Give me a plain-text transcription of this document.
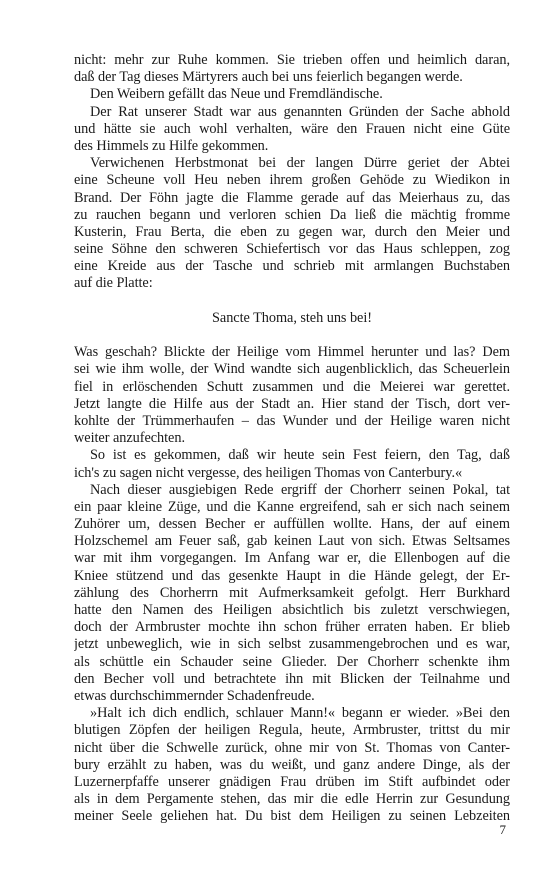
nicht: mehr zur Ruhe kommen. Sie trieben offen und heimlich daran,
daß der Tag dieses Märtyrers auch bei uns feierlich begangen werde.
Den Weibern gefällt das Neue und Fremdländische.
Der Rat unserer Stadt war aus genannten Gründen der Sache abhold
und hätte sie auch wohl verhalten, wäre den Frauen nicht eine Güte
des Himmels zu Hilfe gekommen.
Verwichenen Herbstmonat bei der langen Dürre geriet der Abtei
eine Scheune voll Heu neben ihrem großen Gehöde zu Wiedikon in
Brand. Der Föhn jagte die Flamme gerade auf das Meierhaus zu, das
zu rauchen begann und verloren schien Da ließ die mächtig fromme
Kusterin, Frau Berta, die eben zu gegen war, durch den Meier und
seine Söhne den schweren Schiefertisch vor das Haus schleppen, zog
eine Kreide aus der Tasche und schrieb mit armlangen Buchstaben
auf die Platte:
Sancte Thoma, steh uns bei!
Was geschah? Blickte der Heilige vom Himmel herunter und las? Dem
sei wie ihm wolle, der Wind wandte sich augenblicklich, das Scheuerlein
fiel in erlöschenden Schutt zusammen und die Meierei war gerettet.
Jetzt langte die Hilfe aus der Stadt an. Hier stand der Tisch, dort ver-
kohlte der Trümmerhaufen – das Wunder und der Heilige waren nicht
weiter anzufechten.
So ist es gekommen, daß wir heute sein Fest feiern, den Tag, daß
ich's zu sagen nicht vergesse, des heiligen Thomas von Canterbury.«
Nach dieser ausgiebigen Rede ergriff der Chorherr seinen Pokal, tat
ein paar kleine Züge, und die Kanne ergreifend, sah er sich nach seinem
Zuhörer um, dessen Becher er auffüllen wollte. Hans, der auf einem
Holzschemel am Feuer saß, gab keinen Laut von sich. Etwas Seltsames
war mit ihm vorgegangen. Im Anfang war er, die Ellenbogen auf die
Kniee stützend und das gesenkte Haupt in die Hände gelegt, der Er-
zählung des Chorherrn mit Aufmerksamkeit gefolgt. Herr Burkhard
hatte den Namen des Heiligen absichtlich bis zuletzt verschwiegen,
doch der Armbruster mochte ihn schon früher erraten haben. Er blieb
jetzt unbeweglich, wie in sich selbst zusammengebrochen und es war,
als schüttle ein Schauder seine Glieder. Der Chorherr schenkte ihm
den Becher voll und betrachtete ihn mit Blicken der Teilnahme und
etwas durchschimmernder Schadenfreude.
»Halt ich dich endlich, schlauer Mann!« begann er wieder. »Bei den
blutigen Zöpfen der heiligen Regula, heute, Armbruster, trittst du mir
nicht über die Schwelle zurück, ohne mir von St. Thomas von Canter-
bury erzählt zu haben, was du weißt, und ganz andere Dinge, als der
Luzernerpfaffe unserer gnädigen Frau drüben im Stift aufbindet oder
als in dem Pergamente stehen, das mir die edle Herrin zur Gesundung
meiner Seele geliehen hat. Du bist dem Heiligen zu seinen Lebzeiten
7
